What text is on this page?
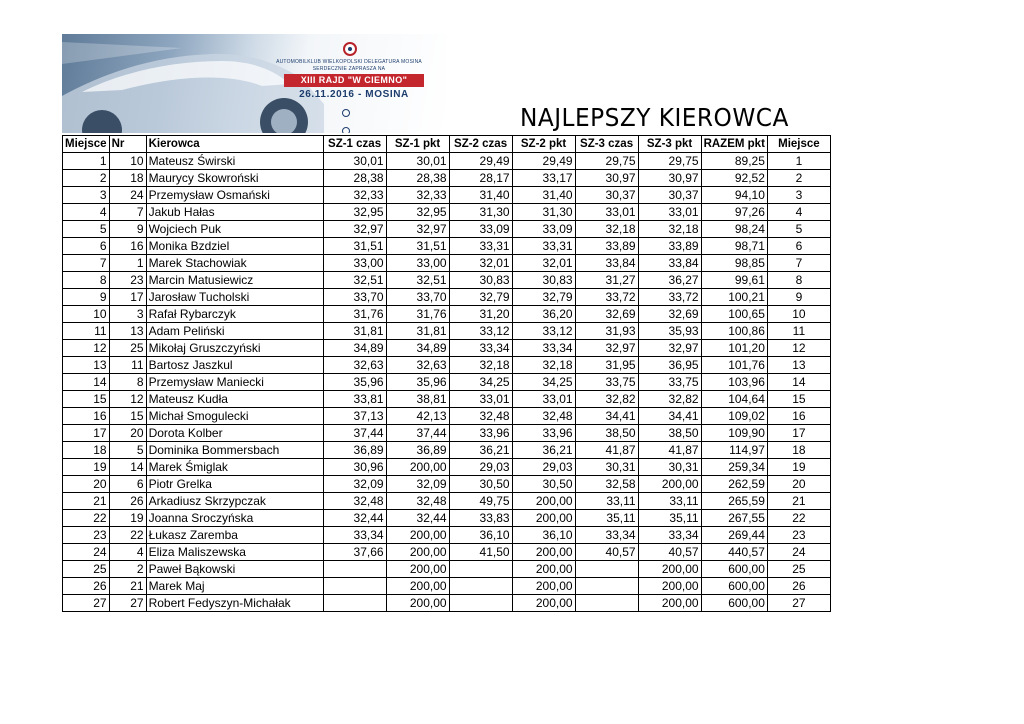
AUTOMOBILKLUB WIELKOPOLSKI DELEGATURA MOSINA
SERDECZNIE ZAPRASZA NA
XIII RAJD "W CIEMNO"
26.11.2016 - MOSINA
NAJLEPSZY KIEROWCA
Miejsce	Nr	Kierowca	SZ-1 czas	SZ-1 pkt	SZ-2 czas	SZ-2 pkt	SZ-3 czas	SZ-3 pkt	RAZEM pkt	Miejsce
1	10	Mateusz Świrski	30,01	30,01	29,49	29,49	29,75	29,75	89,25	1
2	18	Maurycy Skowroński	28,38	28,38	28,17	33,17	30,97	30,97	92,52	2
3	24	Przemysław Osmański	32,33	32,33	31,40	31,40	30,37	30,37	94,10	3
4	7	Jakub Hałas	32,95	32,95	31,30	31,30	33,01	33,01	97,26	4
5	9	Wojciech Puk	32,97	32,97	33,09	33,09	32,18	32,18	98,24	5
6	16	Monika Bzdziel	31,51	31,51	33,31	33,31	33,89	33,89	98,71	6
7	1	Marek Stachowiak	33,00	33,00	32,01	32,01	33,84	33,84	98,85	7
8	23	Marcin Matusiewicz	32,51	32,51	30,83	30,83	31,27	36,27	99,61	8
9	17	Jarosław Tucholski	33,70	33,70	32,79	32,79	33,72	33,72	100,21	9
10	3	Rafał Rybarczyk	31,76	31,76	31,20	36,20	32,69	32,69	100,65	10
11	13	Adam Peliński	31,81	31,81	33,12	33,12	31,93	35,93	100,86	11
12	25	Mikołaj Gruszczyński	34,89	34,89	33,34	33,34	32,97	32,97	101,20	12
13	11	Bartosz Jaszkul	32,63	32,63	32,18	32,18	31,95	36,95	101,76	13
14	8	Przemysław Maniecki	35,96	35,96	34,25	34,25	33,75	33,75	103,96	14
15	12	Mateusz Kudła	33,81	38,81	33,01	33,01	32,82	32,82	104,64	15
16	15	Michał Smogulecki	37,13	42,13	32,48	32,48	34,41	34,41	109,02	16
17	20	Dorota Kolber	37,44	37,44	33,96	33,96	38,50	38,50	109,90	17
18	5	Dominika Bommersbach	36,89	36,89	36,21	36,21	41,87	41,87	114,97	18
19	14	Marek Śmiglak	30,96	200,00	29,03	29,03	30,31	30,31	259,34	19
20	6	Piotr Grelka	32,09	32,09	30,50	30,50	32,58	200,00	262,59	20
21	26	Arkadiusz Skrzypczak	32,48	32,48	49,75	200,00	33,11	33,11	265,59	21
22	19	Joanna Sroczyńska	32,44	32,44	33,83	200,00	35,11	35,11	267,55	22
23	22	Łukasz Zaremba	33,34	200,00	36,10	36,10	33,34	33,34	269,44	23
24	4	Eliza Maliszewska	37,66	200,00	41,50	200,00	40,57	40,57	440,57	24
25	2	Paweł Bąkowski		200,00		200,00		200,00	600,00	25
26	21	Marek Maj		200,00		200,00		200,00	600,00	26
27	27	Robert Fedyszyn-Michałak		200,00		200,00		200,00	600,00	27
